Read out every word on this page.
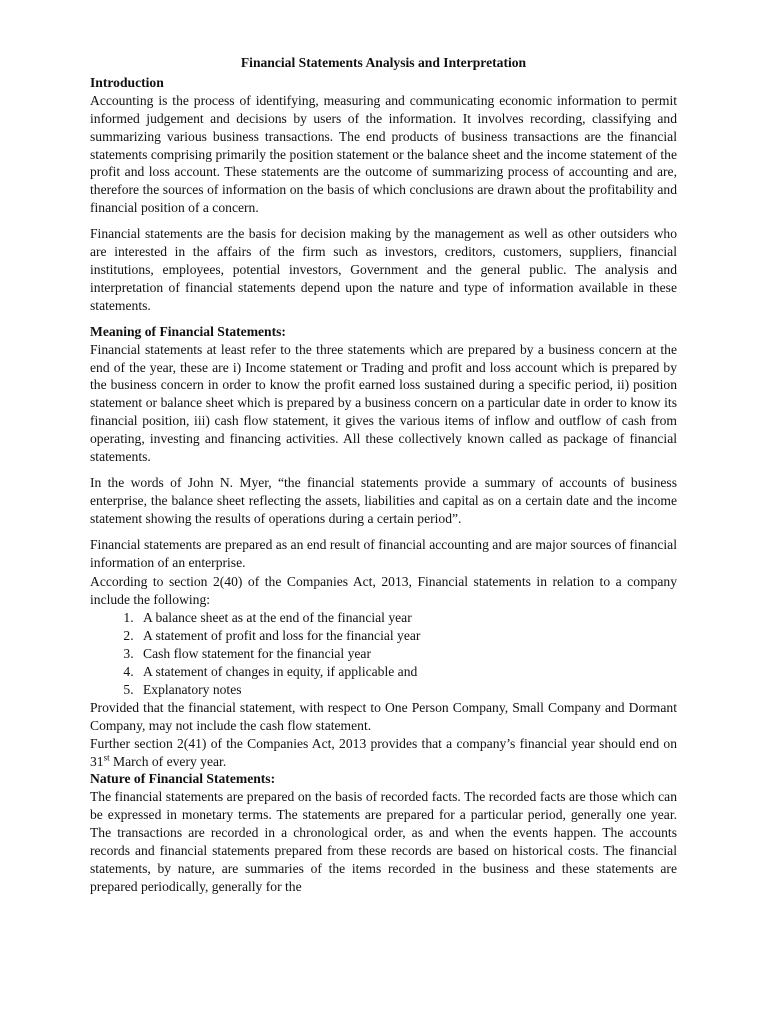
Financial Statements Analysis and Interpretation
Introduction

Accounting is the process of identifying, measuring and communicating economic information to permit informed judgement and decisions by users of the information. It involves recording, classifying and summarizing various business transactions. The end products of business transactions are the financial statements comprising primarily the position statement or the balance sheet and the income statement of the profit and loss account. These statements are the outcome of summarizing process of accounting and are, therefore the sources of information on the basis of which conclusions are drawn about the profitability and financial position of a concern.

Financial statements are the basis for decision making by the management as well as other outsiders who are interested in the affairs of the firm such as investors, creditors, customers, suppliers, financial institutions, employees, potential investors, Government and the general public. The analysis and interpretation of financial statements depend upon the nature and type of information available in these statements.

Meaning of Financial Statements:

Financial statements at least refer to the three statements which are prepared by a business concern at the end of the year, these are i) Income statement or Trading and profit and loss account which is prepared by the business concern in order to know the profit earned loss sustained during a specific period, ii) position statement or balance sheet which is prepared by a business concern on a particular date in order to know its financial position, iii) cash flow statement, it gives the various items of inflow and outflow of cash from operating, investing and financing activities. All these collectively known called as package of financial statements.

In the words of John N. Myer, “the financial statements provide a summary of accounts of business enterprise, the balance sheet reflecting the assets, liabilities and capital as on a certain date and the income statement showing the results of operations during a certain period”.

Financial statements are prepared as an end result of financial accounting and are major sources of financial information of an enterprise.

According to section 2(40) of the Companies Act, 2013, Financial statements in relation to a company include the following:

1. A balance sheet as at the end of the financial year
2. A statement of profit and loss for the financial year
3. Cash flow statement for the financial year
4. A statement of changes in equity, if applicable and
5. Explanatory notes

Provided that the financial statement, with respect to One Person Company, Small Company and Dormant Company, may not include the cash flow statement.

Further section 2(41) of the Companies Act, 2013 provides that a company’s financial year should end on 31st March of every year.

Nature of Financial Statements:

The financial statements are prepared on the basis of recorded facts. The recorded facts are those which can be expressed in monetary terms. The statements are prepared for a particular period, generally one year. The transactions are recorded in a chronological order, as and when the events happen. The accounts records and financial statements prepared from these records are based on historical costs. The financial statements, by nature, are summaries of the items recorded in the business and these statements are prepared periodically, generally for the
